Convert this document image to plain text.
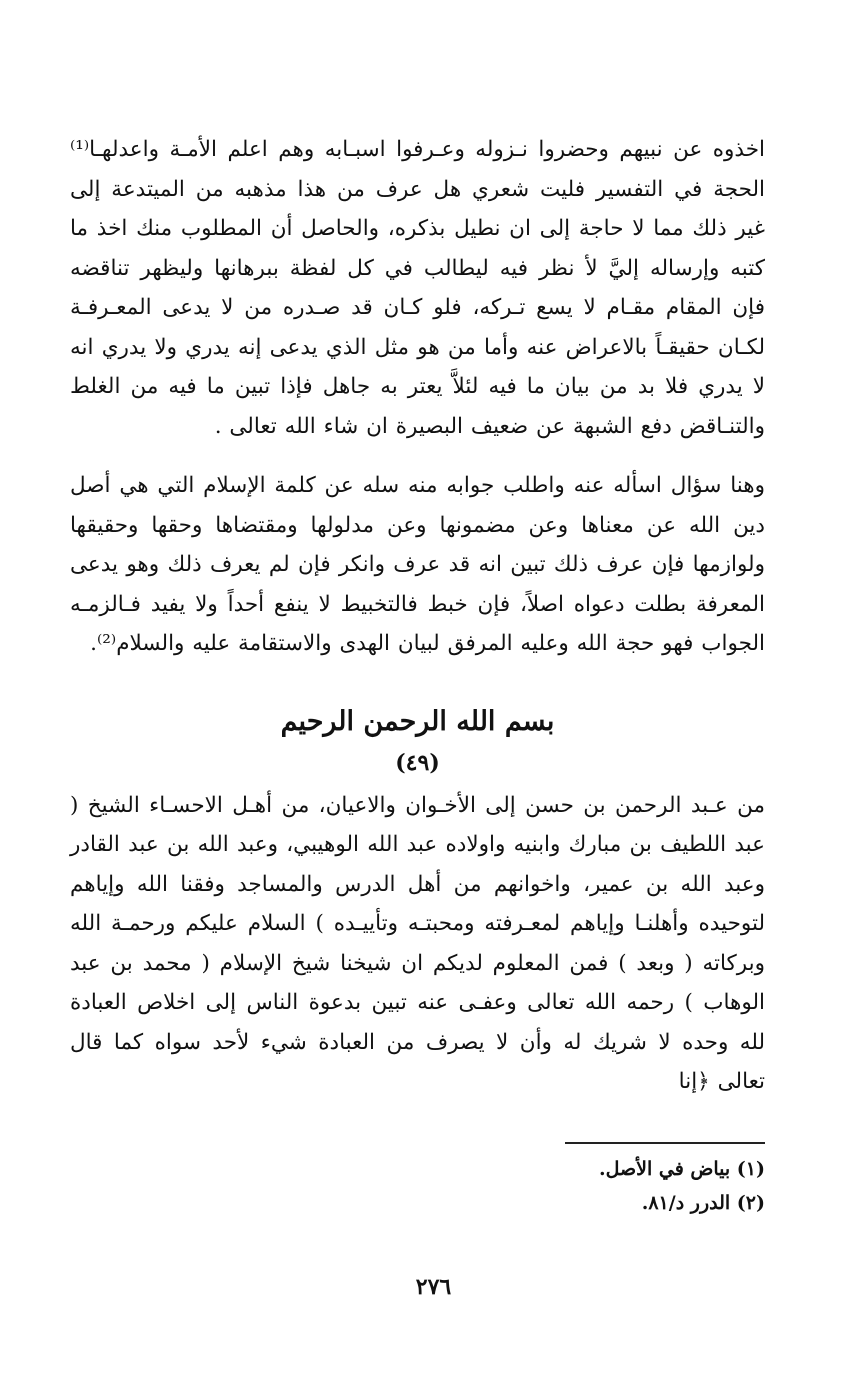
اخذوه عن نبيهم وحضروا نـزوله وعـرفوا اسبـابه وهم اعلم الأمـة واعدلهـا⁽¹⁾ الحجة في التفسير فليت شعري هل عرف من هذا مذهبه من الميتدعة إلى غير ذلك مما لا حاجة إلى ان نطيل بذكره، والحاصل أن المطلوب منك اخذ ما كتبه وإرساله إليَّ لأ نظر فيه ليطالب في كل لفظة ببرهانها وليظهر تناقضه فإن المقام مقـام لا يسع تـركه، فلو كـان قد صـدره من لا يدعى المعـرفـة لكـان حقيقـاً بالاعراض عنه وأما من هو مثل الذي يدعى إنه يدري ولا يدري انه لا يدري فلا بد من بيان ما فيه لئلاَّ يعتر به جاهل فإذا تبين ما فيه من الغلط والتنـاقض دفع الشبهة عن ضعيف البصيرة ان شاء الله تعالى .

وهنا سؤال اسأله عنه واطلب جوابه منه سله عن كلمة الإسلام التي هي أصل دين الله عن معناها وعن مضمونها وعن مدلولها ومقتضاها وحقها وحقيقها ولوازمها فإن عرف ذلك تبين انه قد عرف وانكر فإن لم يعرف ذلك وهو يدعى المعرفة بطلت دعواه اصلاً، فإن خبط فالتخبيط لا ينفع أحداً ولا يفيد فـالزمـه الجواب فهو حجة الله وعليه المرفق لبيان الهدى والاستقامة عليه والسلام⁽²⁾.

بسم الله الرحمن الرحيم
(٤٩)

من عـبد الرحمن بن حسن إلى الأخـوان والاعيان، من أهـل الاحسـاء الشيخ ( عبد اللطيف بن مبارك وابنيه واولاده عبد الله الوهيبي، وعبد الله بن عبد القادر وعبد الله بن عمير، واخوانهم من أهل الدرس والمساجد وفقنا الله وإياهم لتوحيده وأهلنـا وإياهم لمعـرفته ومحبتـه وتأييـده ) السلام عليكم ورحمـة الله وبركاته ( وبعد ) فمن المعلوم لديكم ان شيخنا شيخ الإسلام ( محمد بن عبد الوهاب ) رحمه الله تعالى وعفـى عنه تبين بدعوة الناس إلى اخلاص العبادة لله وحده لا شريك له وأن لا يصرف من العبادة شيء لأحد سواه كما قال تعالى ﴿إنا

(١) بياض في الأصل.
(٢) الدرر د/٨١.
٢٧٦
